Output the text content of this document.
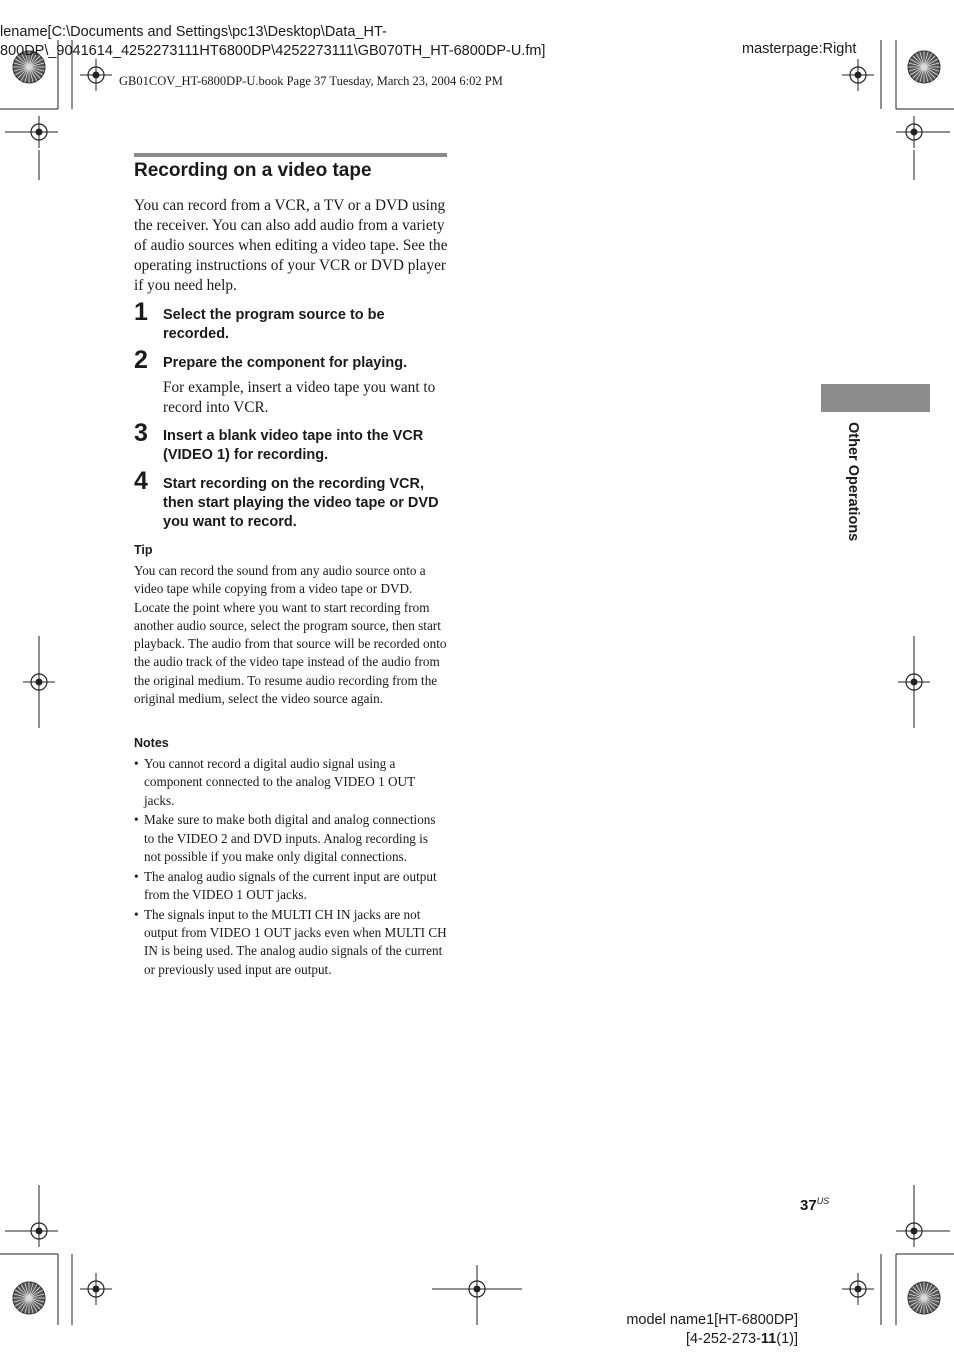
lename[C:\Documents and Settings\pc13\Desktop\Data_HT-
800DP\_9041614_4252273111HT6800DP\4252273111\GB070TH_HT-6800DP-U.fm]	masterpage:Right
GB01COV_HT-6800DP-U.book Page 37 Tuesday, March 23, 2004 6:02 PM
Recording on a video tape
You can record from a VCR, a TV or a DVD using the receiver. You can also add audio from a variety of audio sources when editing a video tape. See the operating instructions of your VCR or DVD player if you need help.
1 Select the program source to be recorded.
2 Prepare the component for playing.
For example, insert a video tape you want to record into VCR.
3 Insert a blank video tape into the VCR (VIDEO 1) for recording.
4 Start recording on the recording VCR, then start playing the video tape or DVD you want to record.
Tip
You can record the sound from any audio source onto a video tape while copying from a video tape or DVD. Locate the point where you want to start recording from another audio source, select the program source, then start playback. The audio from that source will be recorded onto the audio track of the video tape instead of the audio from the original medium. To resume audio recording from the original medium, select the video source again.
Notes
• You cannot record a digital audio signal using a component connected to the analog VIDEO 1 OUT jacks.
• Make sure to make both digital and analog connections to the VIDEO 2 and DVD inputs. Analog recording is not possible if you make only digital connections.
• The analog audio signals of the current input are output from the VIDEO 1 OUT jacks.
• The signals input to the MULTI CH IN jacks are not output from VIDEO 1 OUT jacks even when MULTI CH IN is being used. The analog audio signals of the current or previously used input are output.
Other Operations
$37^{US}$
model name1[HT-6800DP]
[4-252-273-11(1)]
